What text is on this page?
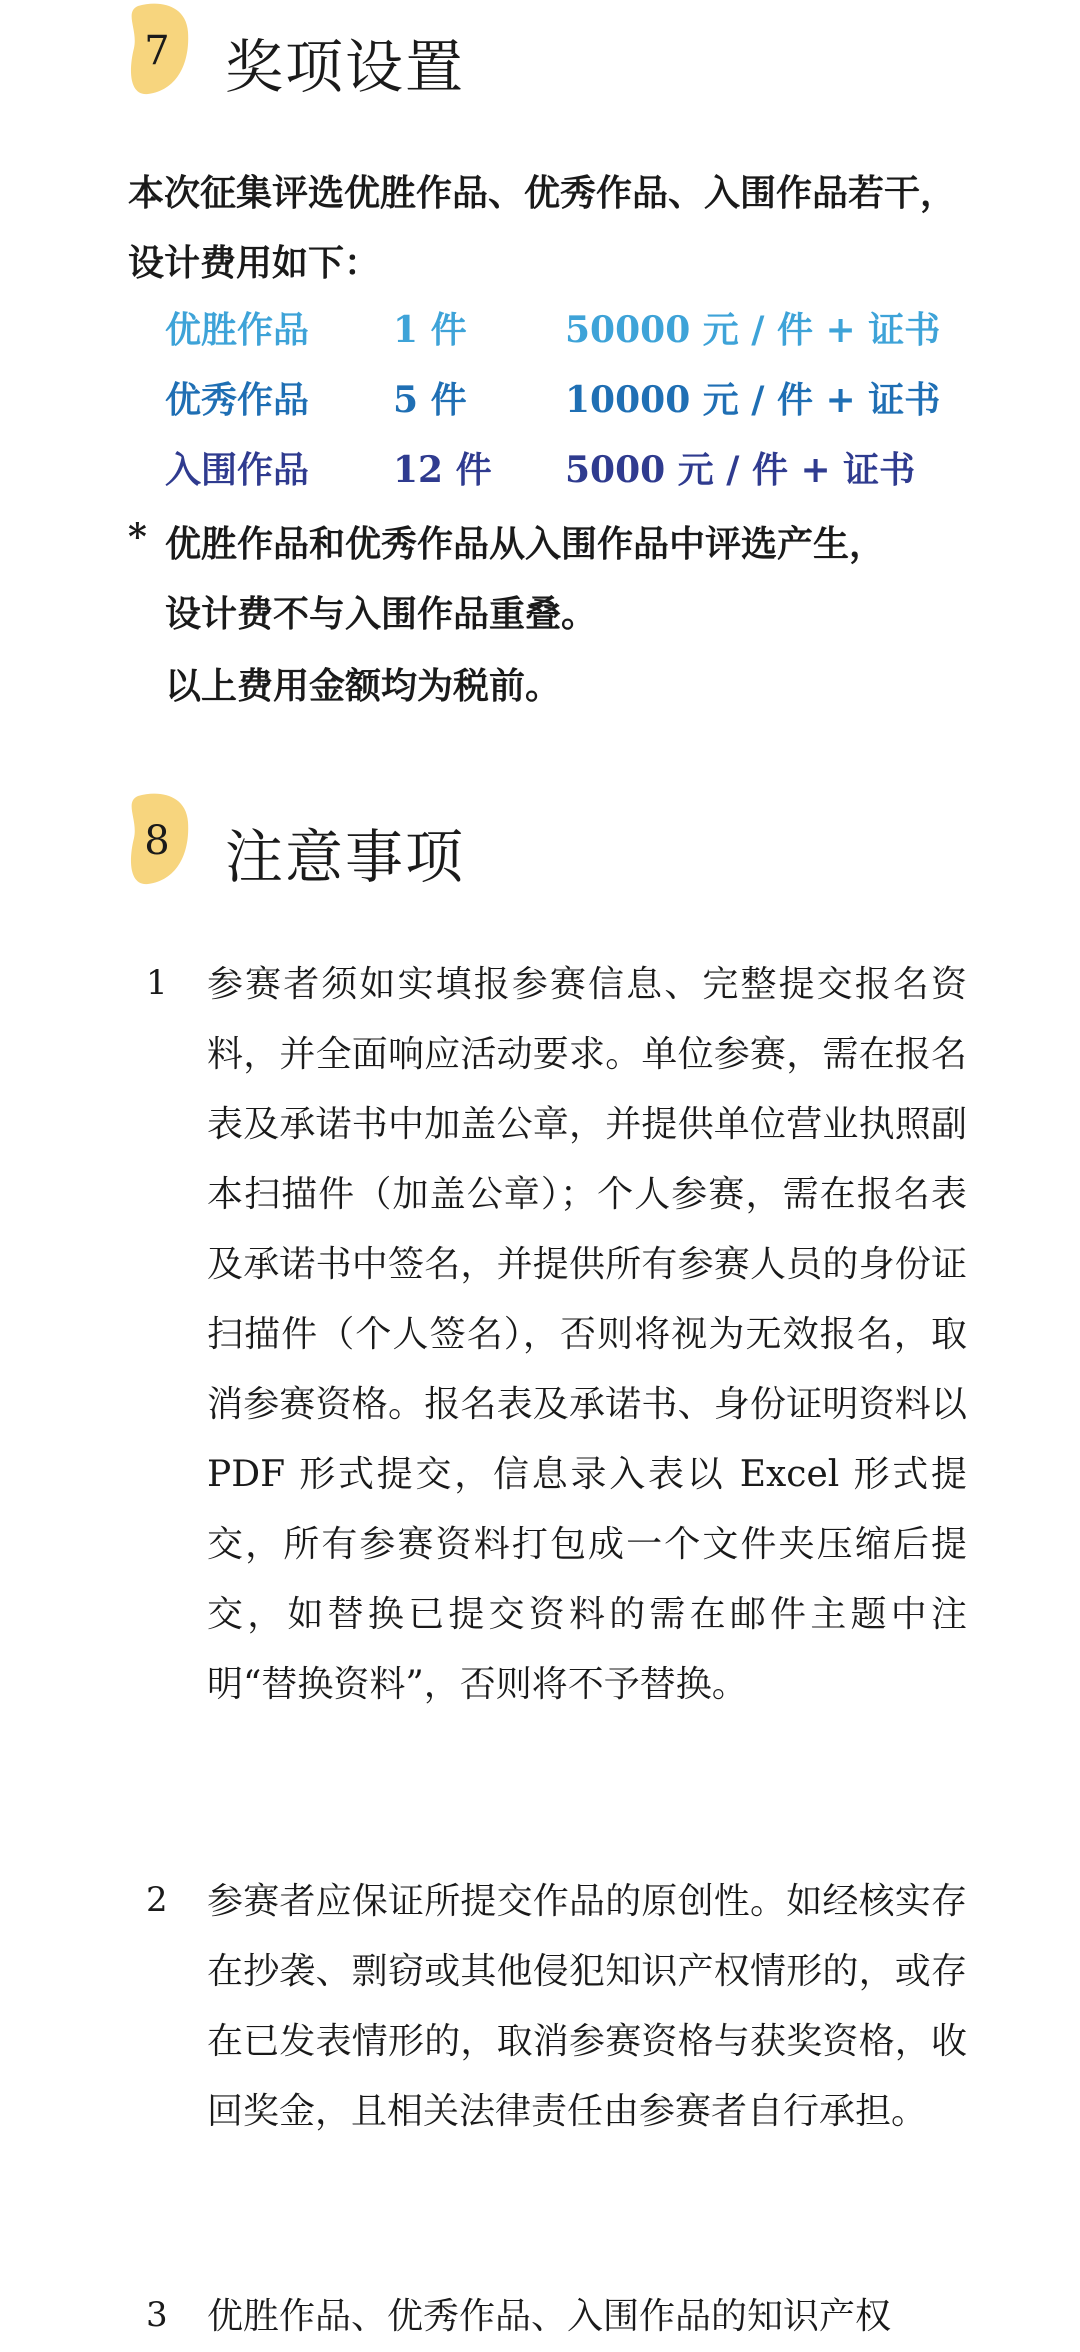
7 奖项设置
本次征集评选优胜作品、优秀作品、入围作品若干，设计费用如下：
优胜作品 1 件	50000 元 / 件 + 证书
优秀作品 5 件	10000 元 / 件 + 证书
入围作品 12 件 5000 元 / 件 + 证书
* 优胜作品和优秀作品从入围作品中评选产生，
设计费不与入围作品重叠。
以上费用金额均为税前。
8 注意事项
1 参赛者须如实填报参赛信息、完整提交报名资料，并全面响应活动要求。单位参赛，需在报名表及承诺书中加盖公章，并提供单位营业执照副本扫描件（加盖公章）；个人参赛，需在报名表及承诺书中签名，并提供所有参赛人员的身份证扫描件（个人签名），否则将视为无效报名，取消参赛资格。报名表及承诺书、身份证明资料以 PDF 形式提交，信息录入表以 Excel 形式提交，所有参赛资料打包成一个文件夹压缩后提交，如替换已提交资料的需在邮件主题中注明“替换资料”，否则将不予替换。
2 参赛者应保证所提交作品的原创性。如经核实存在抄袭、剽窃或其他侵犯知识产权情形的，或存在已发表情形的，取消参赛资格与获奖资格，收回奖金，且相关法律责任由参赛者自行承担。
3 优胜作品、优秀作品、入围作品的知识产权
